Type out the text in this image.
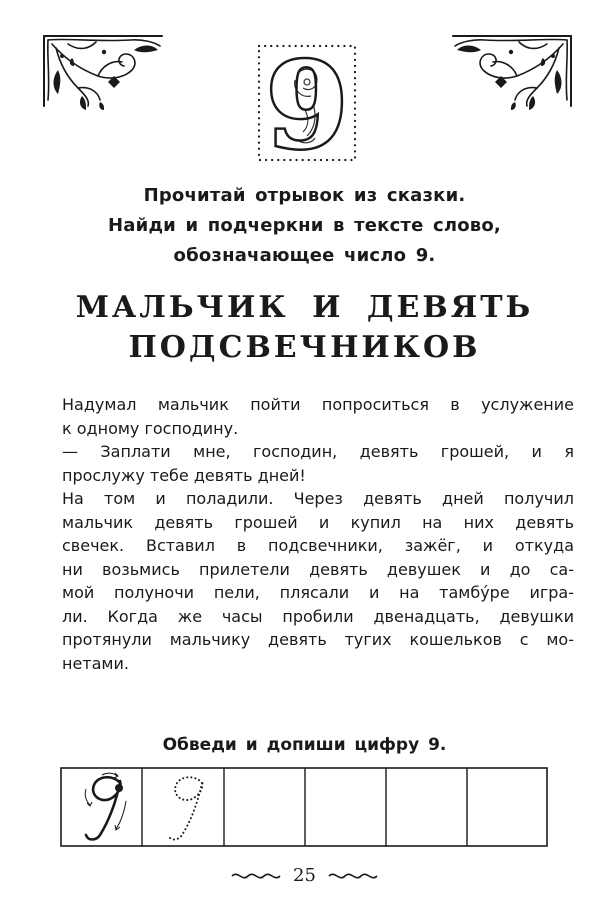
9
Прочитай отрывок из сказки.
Найди и подчеркни в тексте слово,
обозначающее число 9.
МАЛЬЧИК И ДЕВЯТЬ
ПОДСВЕЧНИКОВ
Надумал мальчик пойти попроситься в услужение
к одному господину.
— Заплати мне, господин, девять грошей, и я
прослужу тебе девять дней!
На том и поладили. Через девять дней получил
мальчик девять грошей и купил на них девять
свечек. Вставил в подсвечники, зажёг, и откуда
ни возьмись прилетели девять девушек и до са-
мой полуночи пели, плясали и на тамбу́ре игра-
ли. Когда же часы пробили двенадцать, девушки
протянули мальчику девять тугих кошельков с мо-
нетами.
Обведи и допиши цифру 9.
25
